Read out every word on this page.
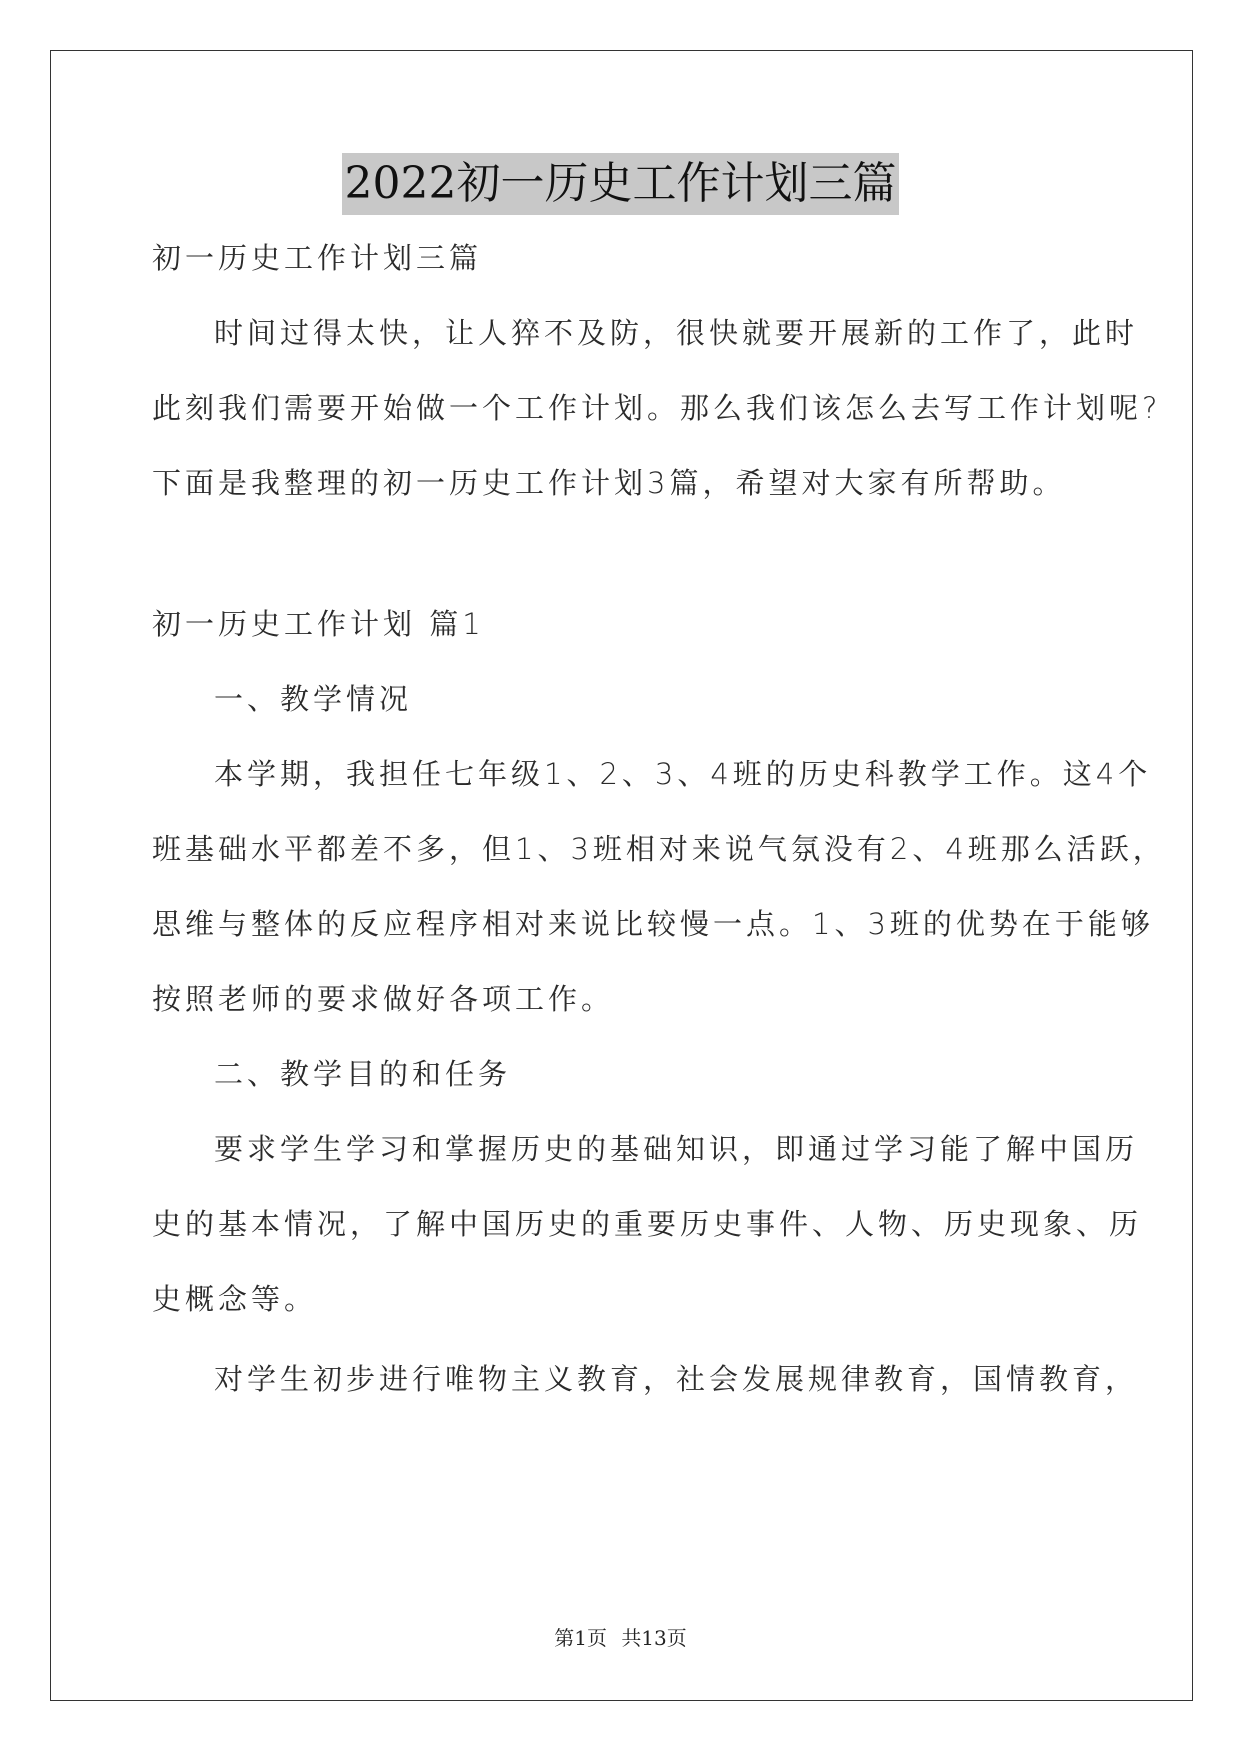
2022初一历史工作计划三篇
初一历史工作计划三篇
时间过得太快，让人猝不及防，很快就要开展新的工作了，此时
此刻我们需要开始做一个工作计划。那么我们该怎么去写工作计划呢?
下面是我整理的初一历史工作计划3篇，希望对大家有所帮助。
初一历史工作计划 篇1
一、教学情况
本学期，我担任七年级1、2、3、4班的历史科教学工作。这4个
班基础水平都差不多，但1、3班相对来说气氛没有2、4班那么活跃，
思维与整体的反应程序相对来说比较慢一点。1、3班的优势在于能够
按照老师的要求做好各项工作。
二、教学目的和任务
要求学生学习和掌握历史的基础知识，即通过学习能了解中国历
史的基本情况，了解中国历史的重要历史事件、人物、历史现象、历
史概念等。
对学生初步进行唯物主义教育，社会发展规律教育，国情教育，
第1页 共13页
